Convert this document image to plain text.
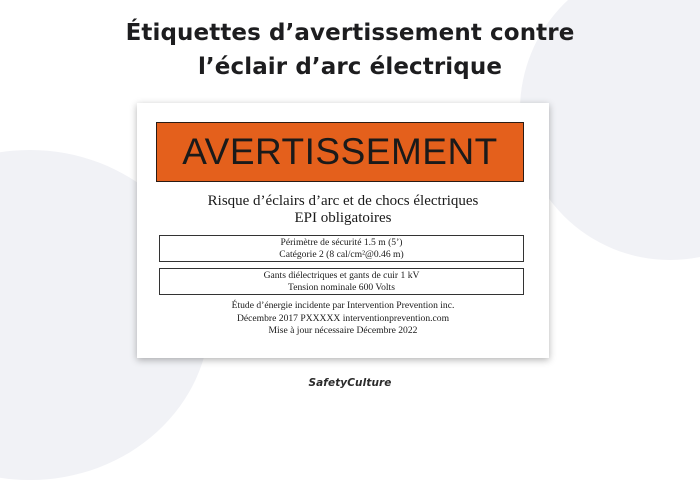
Étiquettes d’avertissement contre
l’éclair d’arc électrique
AVERTISSEMENT
Risque d’éclairs d’arc et de chocs électriques
EPI obligatoires
Périmètre de sécurité 1.5 m (5’)
Catégorie 2 (8 cal/cm²@0.46 m)
Gants diélectriques et gants de cuir 1 kV
Tension nominale 600 Volts
Étude d’énergie incidente par Intervention Prevention inc.
Décembre 2017 PXXXXX interventionprevention.com
Mise à jour nécessaire Décembre 2022
SafetyCulture
